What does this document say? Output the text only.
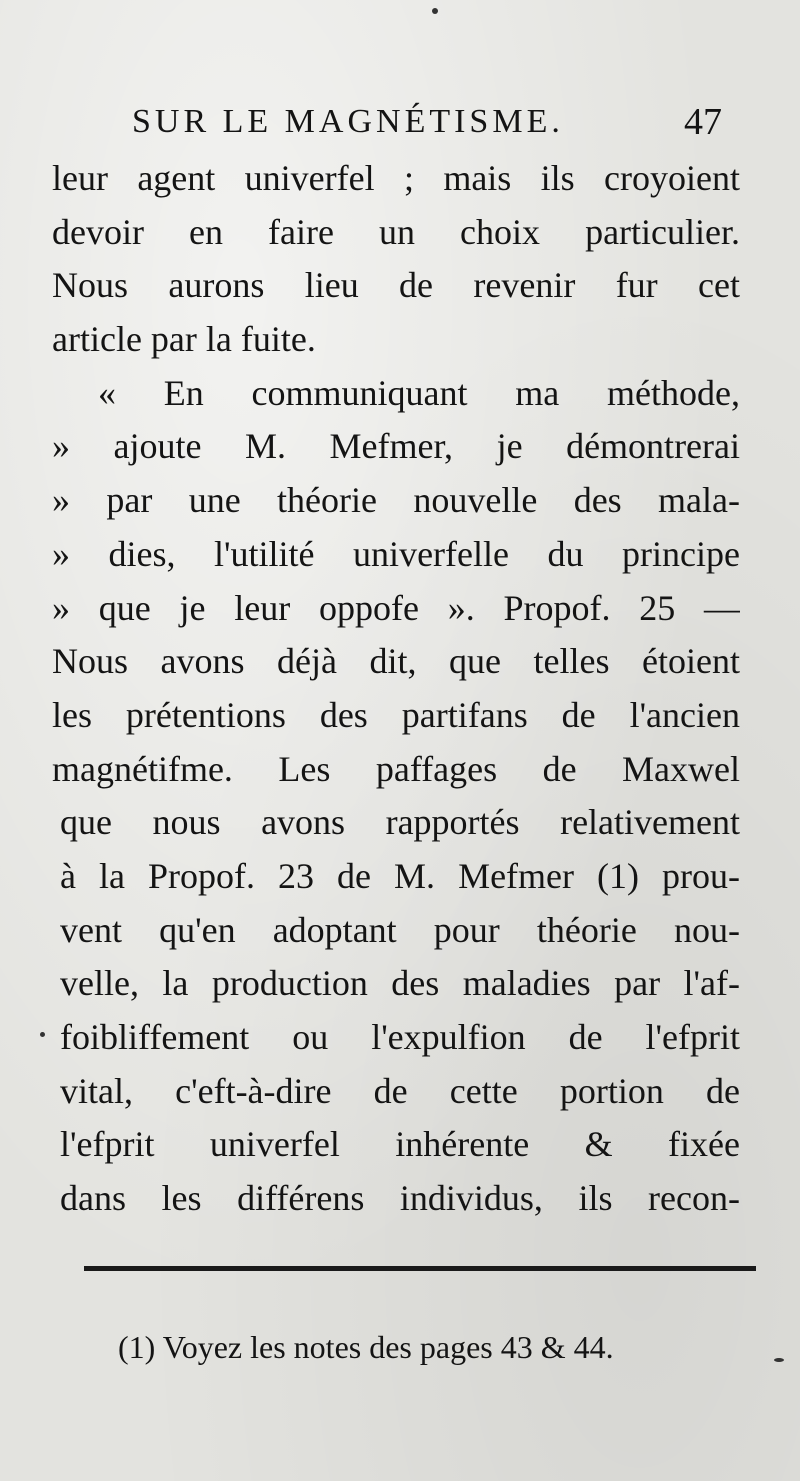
SUR LE MAGNÉTISME.	47
leur agent univerfel ; mais ils croyoient
devoir en faire un choix particulier.
Nous aurons lieu de revenir fur cet
article par la fuite.
« En communiquant ma méthode,
» ajoute M. Mefmer, je démontrerai
» par une théorie nouvelle des mala-
» dies, l'utilité univerfelle du principe
» que je leur oppofe ». Propof. 25 —
Nous avons déjà dit, que telles étoient
les prétentions des partifans de l'ancien
magnétifme. Les paffages de Maxwel
que nous avons rapportés relativement
à la Propof. 23 de M. Mefmer (1) prou-
vent qu'en adoptant pour théorie nou-
velle, la production des maladies par l'af-
foibliffement ou l'expulfion de l'efprit
vital, c'eft-à-dire de cette portion de
l'efprit univerfel inhérente & fixée
dans les différens individus, ils recon-
(1) Voyez les notes des pages 43 & 44.
